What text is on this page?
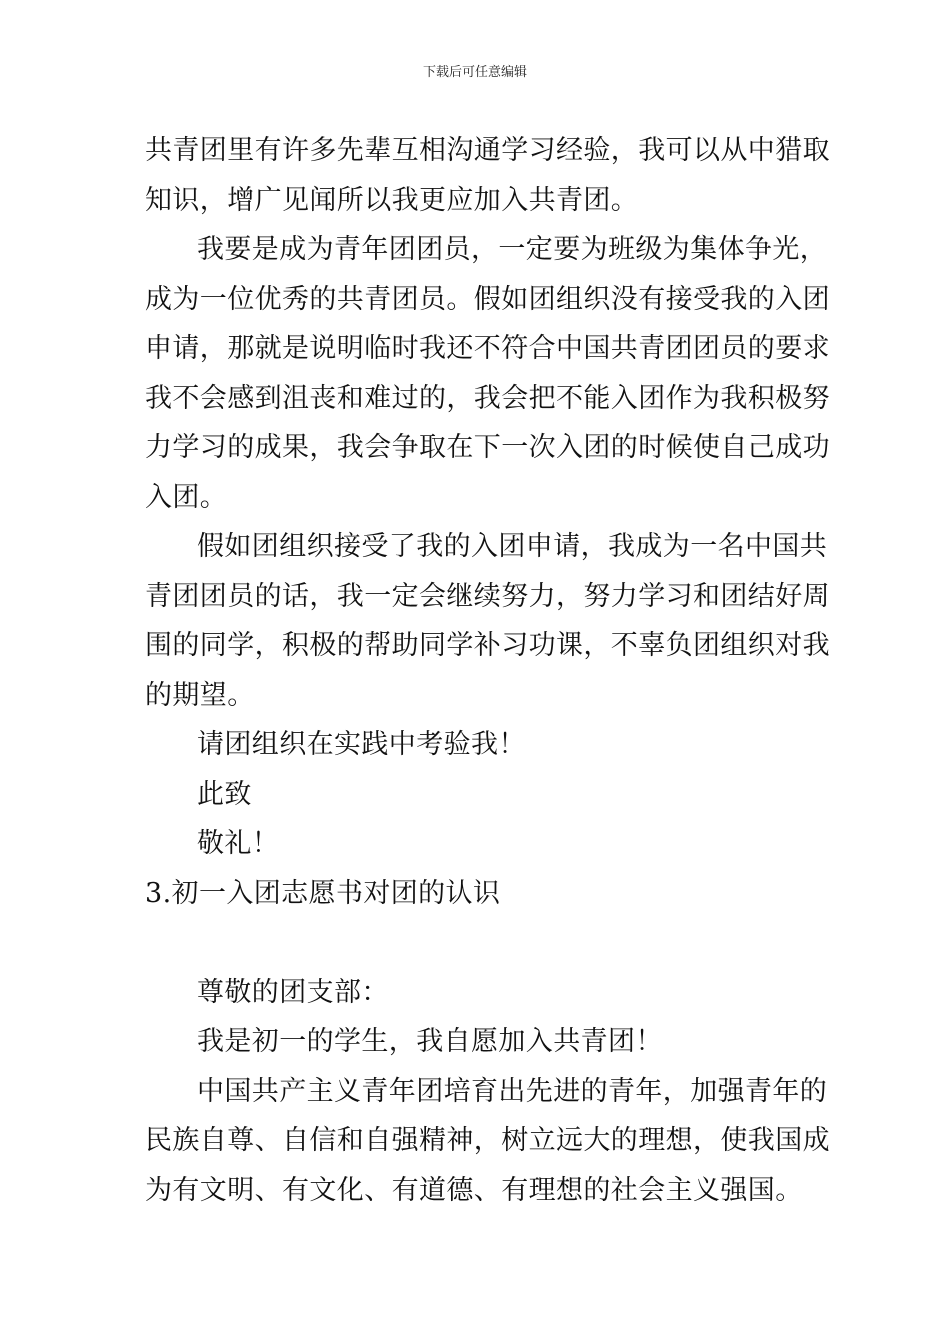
下载后可任意编辑

共青团里有许多先辈互相沟通学习经验，我可以从中猎取

知识，增广见闻所以我更应加入共青团。

我要是成为青年团团员，一定要为班级为集体争光，

成为一位优秀的共青团员。假如团组织没有接受我的入团

申请，那就是说明临时我还不符合中国共青团团员的要求

我不会感到沮丧和难过的，我会把不能入团作为我积极努

力学习的成果，我会争取在下一次入团的时候使自己成功

入团。

假如团组织接受了我的入团申请，我成为一名中国共

青团团员的话，我一定会继续努力，努力学习和团结好周

围的同学，积极的帮助同学补习功课，不辜负团组织对我

的期望。

请团组织在实践中考验我！

此致

敬礼！

3.初一入团志愿书对团的认识

尊敬的团支部：

我是初一的学生，我自愿加入共青团！

中国共产主义青年团培育出先进的青年，加强青年的

民族自尊、自信和自强精神，树立远大的理想，使我国成

为有文明、有文化、有道德、有理想的社会主义强国。
